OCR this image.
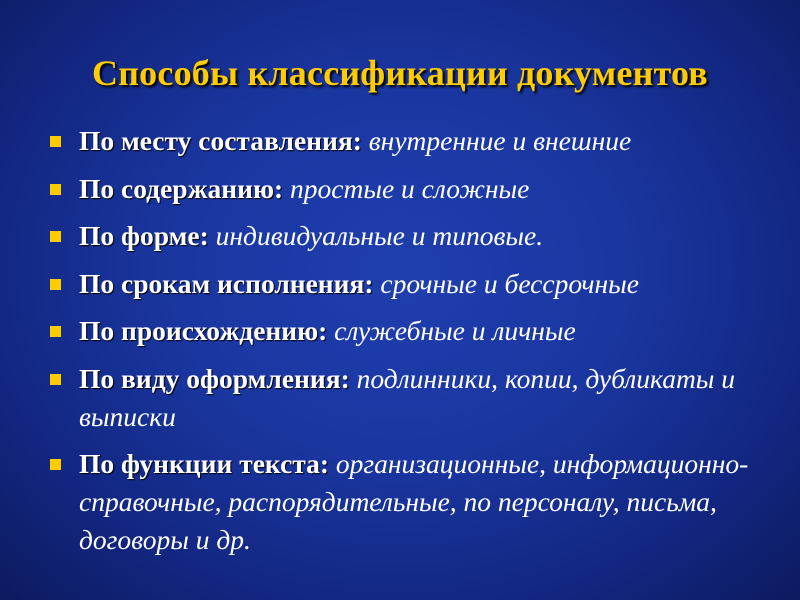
Способы классификации документов
По месту составления: внутренние и внешние
По содержанию: простые и сложные
По форме: индивидуальные и типовые.
По срокам исполнения: срочные и бессрочные
По происхождению: служебные и личные
По виду оформления: подлинники, копии, дубликаты и выписки
По функции текста: организационные, информационно-справочные, распорядительные, по персоналу, письма, договоры и др.
